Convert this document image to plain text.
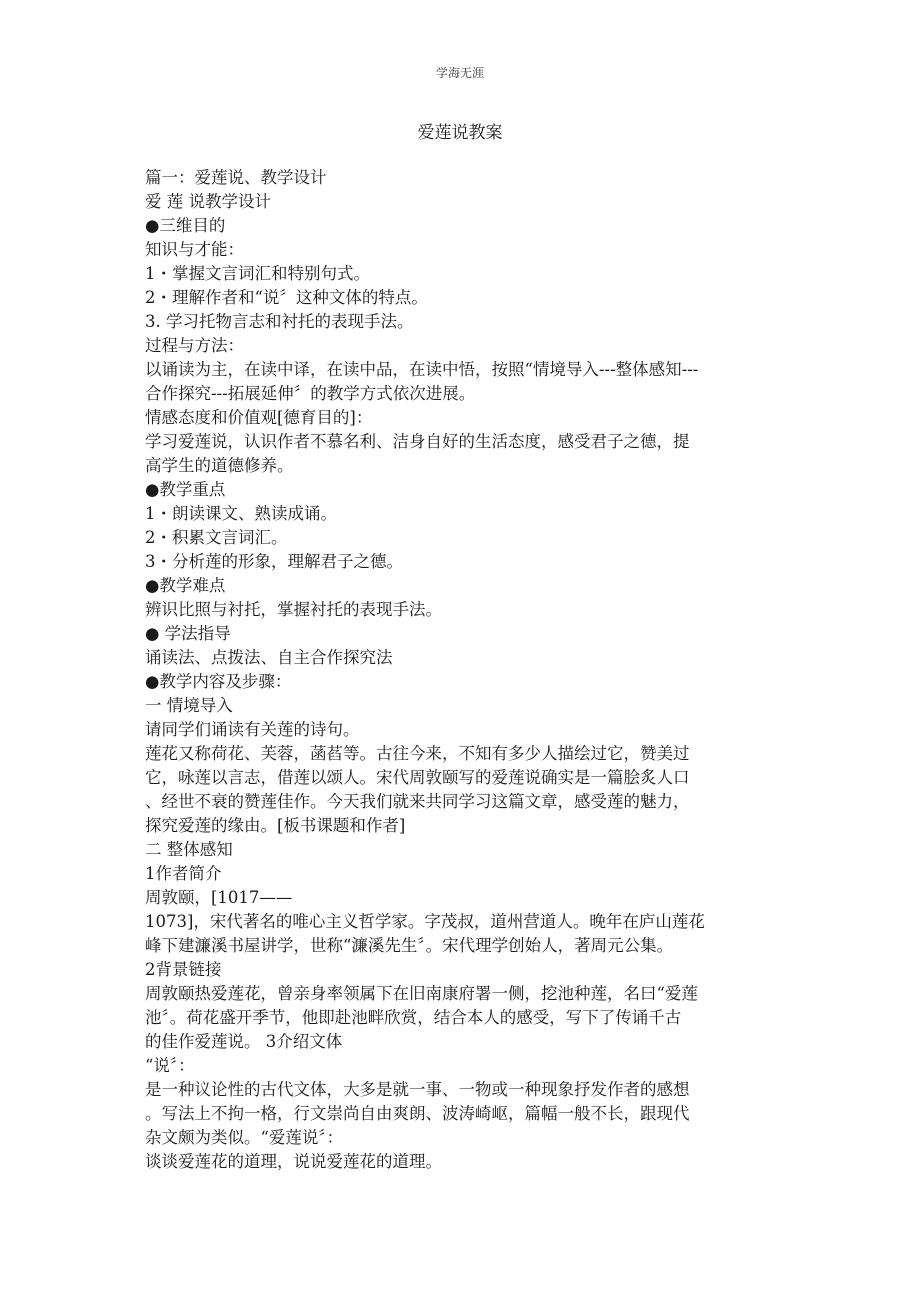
学海无涯
爱莲说教案
篇一：爱莲说、教学设计
爱 莲 说教学设计
●三维目的
知识与才能：
1・掌握文言词汇和特别句式。
2・理解作者和“说〞这种文体的特点。
3. 学习托物言志和衬托的表现手法。
过程与方法：
以诵读为主，在读中译，在读中品，在读中悟，按照“情境导入---整体感知---
合作探究---拓展延伸〞的教学方式依次进展。
情感态度和价值观[德育目的]：
学习爱莲说，认识作者不慕名利、洁身自好的生活态度，感受君子之德，提
高学生的道德修养。
●教学重点
1・朗读课文、熟读成诵。
2・积累文言词汇。
3・分析莲的形象，理解君子之德。
●教学难点
辨识比照与衬托，掌握衬托的表现手法。
● 学法指导
诵读法、点拨法、自主合作探究法
●教学内容及步骤：
一 情境导入
请同学们诵读有关莲的诗句。
莲花又称荷花、芙蓉，菡萏等。古往今来，不知有多少人描绘过它，赞美过
它，咏莲以言志，借莲以颂人。宋代周敦颐写的爱莲说确实是一篇脍炙人口
、经世不衰的赞莲佳作。今天我们就来共同学习这篇文章，感受莲的魅力，
探究爱莲的缘由。[板书课题和作者]
二 整体感知
1作者简介
周敦颐，[1017——
1073]，宋代著名的唯心主义哲学家。字茂叔，道州营道人。晚年在庐山莲花
峰下建濂溪书屋讲学，世称“濂溪先生〞。宋代理学创始人，著周元公集。
2背景链接
周敦颐热爱莲花，曾亲身率领属下在旧南康府署一侧，挖池种莲，名曰“爱莲
池〞。荷花盛开季节，他即赴池畔欣赏，结合本人的感受，写下了传诵千古
的佳作爱莲说。 3介绍文体
“说〞：
是一种议论性的古代文体，大多是就一事、一物或一种现象抒发作者的感想
。写法上不拘一格，行文崇尚自由爽朗、波涛崎岖，篇幅一般不长，跟现代
杂文颇为类似。“爱莲说〞：
谈谈爱莲花的道理，说说爱莲花的道理。
